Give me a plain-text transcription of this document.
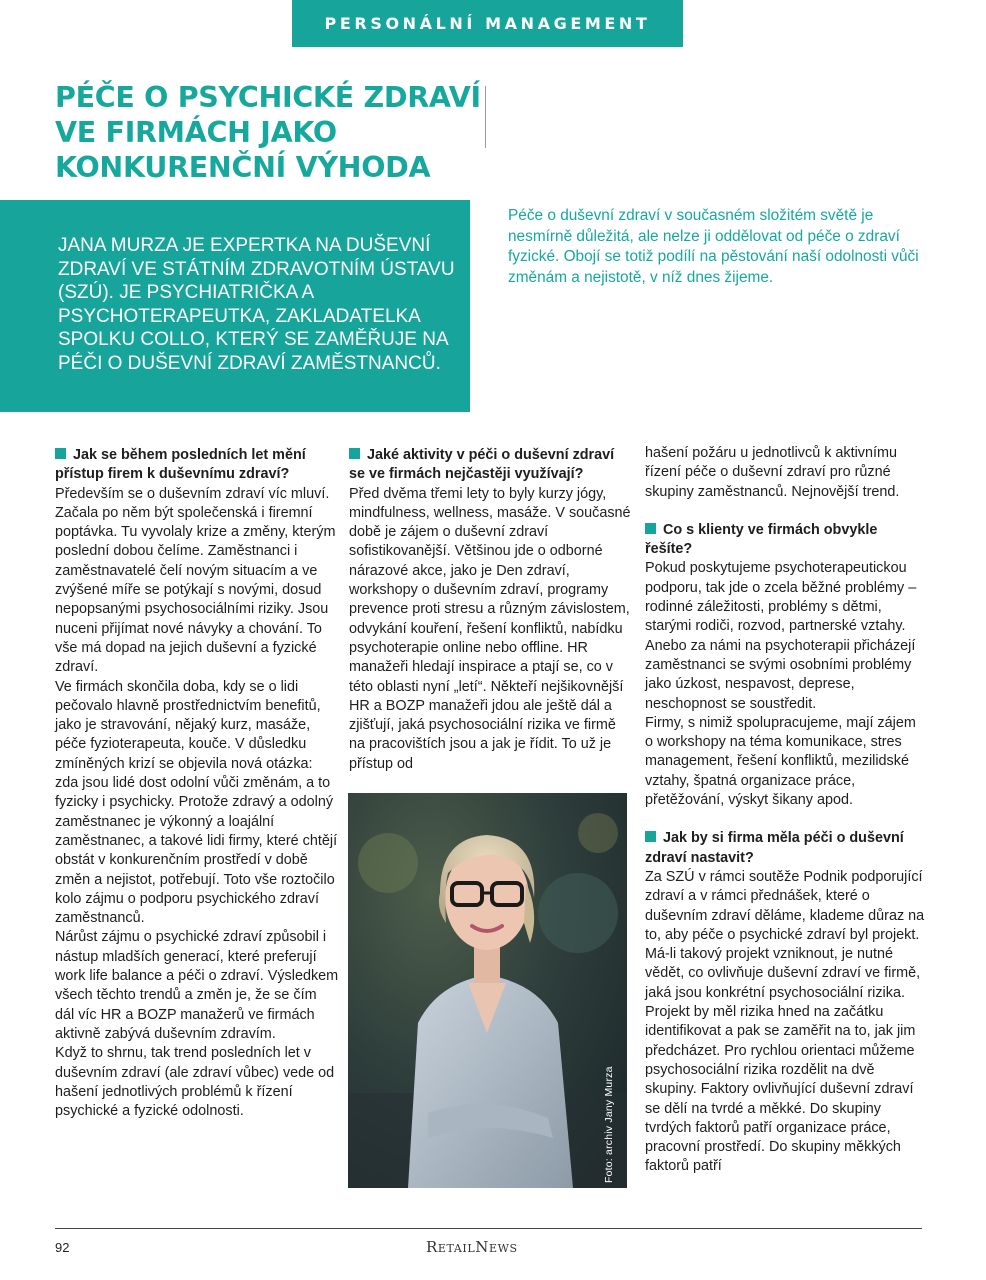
PERSONÁLNÍ MANAGEMENT
PÉČE O PSYCHICKÉ ZDRAVÍ VE FIRMÁCH JAKO KONKURENČNÍ VÝHODA

JANA MURZA JE EXPERTKA NA DUŠEVNÍ ZDRAVÍ VE STÁTNÍM ZDRAVOTNÍM ÚSTAVU (SZÚ). JE PSYCHIATRIČKA A PSYCHOTERAPEUTKA, ZAKLADATELKA SPOLKU COLLO, KTERÝ SE ZAMĚŘUJE NA PÉČI O DUŠEVNÍ ZDRAVÍ ZAMĚSTNANCŮ.

Péče o duševní zdraví v současném složitém světě je nesmírně důležitá, ale nelze ji oddělovat od péče o zdraví fyzické. Obojí se totiž podílí na pěstování naší odolnosti vůči změnám a nejistotě, v níž dnes žijeme.

Jak se během posledních let mění přístup firem k duševnímu zdraví?

Především se o duševním zdraví víc mluví. Začala po něm být společenská i firemní poptávka. Tu vyvolaly krize a změny, kterým poslední dobou čelíme. Zaměstnanci i zaměstnavatelé čelí novým situacím a ve zvýšené míře se potýkají s novými, dosud nepopsanými psychosociálními riziky. Jsou nuceni přijímat nové návyky a chování. To vše má dopad na jejich duševní a fyzické zdraví.

Ve firmách skončila doba, kdy se o lidi pečovalo hlavně prostřednictvím benefitů, jako je stravování, nějaký kurz, masáže, péče fyzioterapeuta, kouče. V důsledku zmíněných krizí se objevila nová otázka: zda jsou lidé dost odolní vůči změnám, a to fyzicky i psychicky. Protože zdravý a odolný zaměstnanec je výkonný a loajální zaměstnanec, a takové lidi firmy, které chtějí obstát v konkurenčním prostředí v době změn a nejistot, potřebují. Toto vše roztočilo kolo zájmu o podporu psychického zdraví zaměstnanců.

Nárůst zájmu o psychické zdraví způsobil i nástup mladších generací, které preferují work life balance a péči o zdraví. Výsledkem všech těchto trendů a změn je, že se čím dál víc HR a BOZP manažerů ve firmách aktivně zabývá duševním zdravím.

Když to shrnu, tak trend posledních let v duševním zdraví (ale zdraví vůbec) vede od hašení jednotlivých problémů k řízení psychické a fyzické odolnosti.

Jaké aktivity v péči o duševní zdraví se ve firmách nejčastěji využívají?

Před dvěma třemi lety to byly kurzy jógy, mindfulness, wellness, masáže. V současné době je zájem o duševní zdraví sofistikovanější. Většinou jde o odborné nárazové akce, jako je Den zdraví, workshopy o duševním zdraví, programy prevence proti stresu a různým závislostem, odvykání kouření, řešení konfliktů, nabídku psychoterapie online nebo offline. HR manažeři hledají inspirace a ptají se, co v této oblasti nyní „letí“. Někteří nejšikovnější HR a BOZP manažeři jdou ale ještě dál a zjišťují, jaká psychosociální rizika ve firmě na pracovištích jsou a jak je řídit. To už je přístup od

Foto: archiv Jany Murza

hašení požáru u jednotlivců k aktivnímu řízení péče o duševní zdraví pro různé skupiny zaměstnanců. Nejnovější trend.

Co s klienty ve firmách obvykle řešíte?

Pokud poskytujeme psychoterapeutickou podporu, tak jde o zcela běžné problémy – rodinné záležitosti, problémy s dětmi, starými rodiči, rozvod, partnerské vztahy. Anebo za námi na psychoterapii přicházejí zaměstnanci se svými osobními problémy jako úzkost, nespavost, deprese, neschopnost se soustředit.

Firmy, s nimiž spolupracujeme, mají zájem o workshopy na téma komunikace, stres management, řešení konfliktů, mezilidské vztahy, špatná organizace práce, přetěžování, výskyt šikany apod.

Jak by si firma měla péči o duševní zdraví nastavit?

Za SZÚ v rámci soutěže Podnik podporující zdraví a v rámci přednášek, které o duševním zdraví děláme, klademe důraz na to, aby péče o psychické zdraví byl projekt. Má-li takový projekt vzniknout, je nutné vědět, co ovlivňuje duševní zdraví ve firmě, jaká jsou konkrétní psychosociální rizika. Projekt by měl rizika hned na začátku identifikovat a pak se zaměřit na to, jak jim předcházet. Pro rychlou orientaci můžeme psychosociální rizika rozdělit na dvě skupiny. Faktory ovlivňující duševní zdraví se dělí na tvrdé a měkké. Do skupiny tvrdých faktorů patří organizace práce, pracovní prostředí. Do skupiny měkkých faktorů patří

92	RetailNews
